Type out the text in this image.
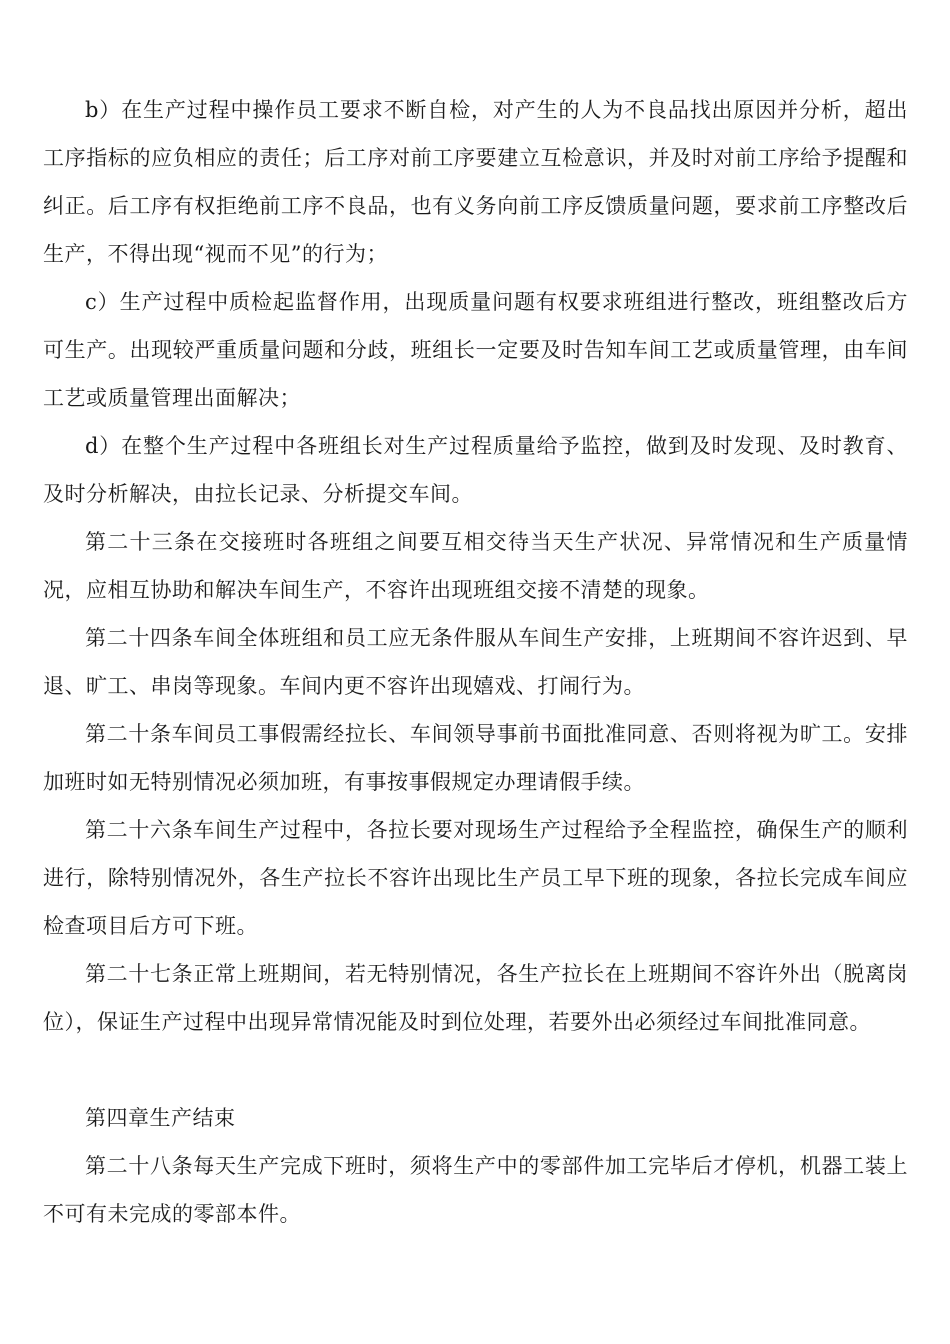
b）在生产过程中操作员工要求不断自检，对产生的人为不良品找出原因并分析，超出工序指标的应负相应的责任；后工序对前工序要建立互检意识，并及时对前工序给予提醒和纠正。后工序有权拒绝前工序不良品，也有义务向前工序反馈质量问题，要求前工序整改后生产，不得出现“视而不见”的行为；

c）生产过程中质检起监督作用，出现质量问题有权要求班组进行整改，班组整改后方可生产。出现较严重质量问题和分歧，班组长一定要及时告知车间工艺或质量管理，由车间工艺或质量管理出面解决；

d）在整个生产过程中各班组长对生产过程质量给予监控，做到及时发现、及时教育、及时分析解决，由拉长记录、分析提交车间。

第二十三条在交接班时各班组之间要互相交待当天生产状况、异常情况和生产质量情况，应相互协助和解决车间生产，不容许出现班组交接不清楚的现象。

第二十四条车间全体班组和员工应无条件服从车间生产安排，上班期间不容许迟到、早退、旷工、串岗等现象。车间内更不容许出现嬉戏、打闹行为。

第二十条车间员工事假需经拉长、车间领导事前书面批准同意、否则将视为旷工。安排加班时如无特别情况必须加班，有事按事假规定办理请假手续。

第二十六条车间生产过程中，各拉长要对现场生产过程给予全程监控，确保生产的顺利进行，除特别情况外，各生产拉长不容许出现比生产员工早下班的现象，各拉长完成车间应检查项目后方可下班。

第二十七条正常上班期间，若无特别情况，各生产拉长在上班期间不容许外出（脱离岗位），保证生产过程中出现异常情况能及时到位处理，若要外出必须经过车间批准同意。

第四章生产结束

第二十八条每天生产完成下班时，须将生产中的零部件加工完毕后才停机，机器工装上不可有未完成的零部本件。
